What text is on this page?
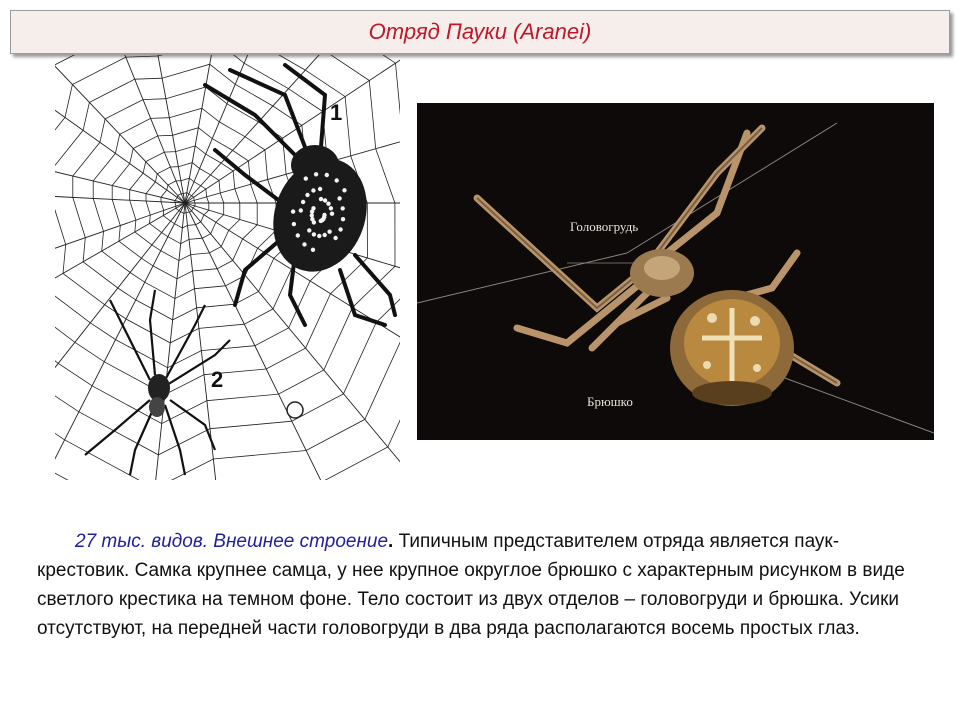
Отряд Пауки (Aranei)
1
2
Головогрудь
Брюшко

27 тыс. видов. Внешнее строение. Типичным представителем отряда является паук-крестовик. Самка крупнее самца, у нее крупное округлое брюшко с характерным рисунком в виде светлого крестика на темном фоне. Тело состоит из двух отделов – головогруди и брюшка. Усики отсутствуют, на передней части головогруди в два ряда располагаются восемь простых глаз.
